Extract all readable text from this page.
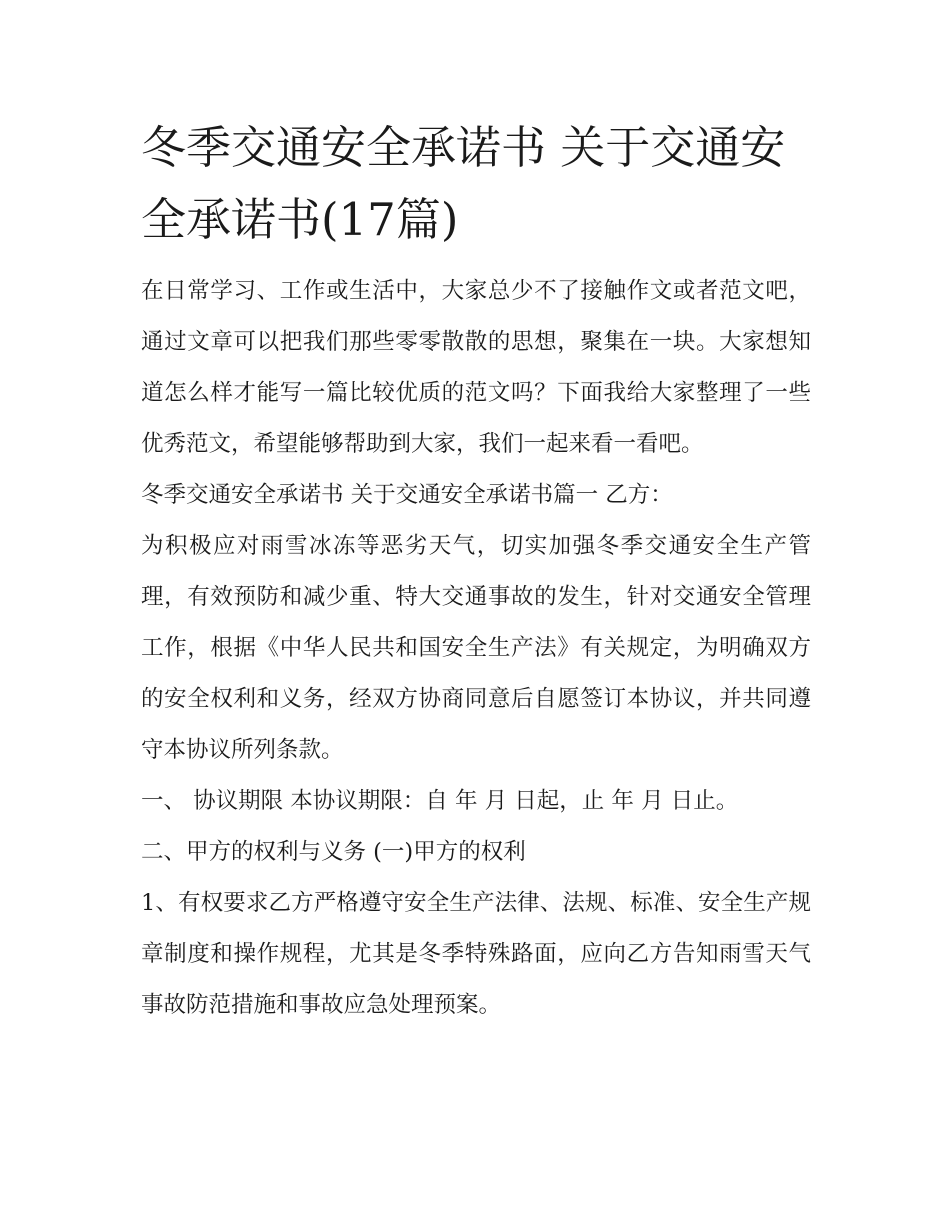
冬季交通安全承诺书 关于交通安全承诺书(17篇)

在日常学习、工作或生活中，大家总少不了接触作文或者范文吧，通过文章可以把我们那些零零散散的思想，聚集在一块。大家想知道怎么样才能写一篇比较优质的范文吗？下面我给大家整理了一些优秀范文，希望能够帮助到大家，我们一起来看一看吧。

冬季交通安全承诺书 关于交通安全承诺书篇一 乙方：

为积极应对雨雪冰冻等恶劣天气，切实加强冬季交通安全生产管理，有效预防和减少重、特大交通事故的发生，针对交通安全管理工作，根据《中华人民共和国安全生产法》有关规定，为明确双方的安全权利和义务，经双方协商同意后自愿签订本协议，并共同遵守本协议所列条款。

一、 协议期限 本协议期限：自 年 月 日起，止 年 月 日止。

二、甲方的权利与义务 (一)甲方的权利

1、有权要求乙方严格遵守安全生产法律、法规、标准、安全生产规章制度和操作规程，尤其是冬季特殊路面，应向乙方告知雨雪天气事故防范措施和事故应急处理预案。
